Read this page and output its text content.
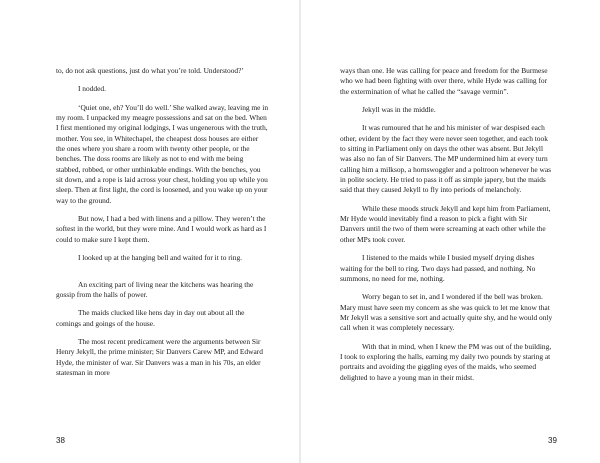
to, do not ask questions, just do what you’re told. Understood?’

I nodded.

‘Quiet one, eh? You’ll do well.’ She walked away, leaving me in my room. I unpacked my meagre possessions and sat on the bed. When I first mentioned my original lodgings, I was ungenerous with the truth, mother. You see, in Whitechapel, the cheapest doss houses are either the ones where you share a room with twenty other people, or the benches. The doss rooms are likely as not to end with me being stabbed, robbed, or other unthinkable endings. With the benches, you sit down, and a rope is laid across your chest, holding you up while you sleep. Then at first light, the cord is loosened, and you wake up on your way to the ground.

But now, I had a bed with linens and a pillow. They weren’t the softest in the world, but they were mine. And I would work as hard as I could to make sure I kept them.

I looked up at the hanging bell and waited for it to ring.

An exciting part of living near the kitchens was hearing the gossip from the halls of power.

The maids clucked like hens day in day out about all the comings and goings of the house.

The most recent predicament were the arguments between Sir Henry Jekyll, the prime minister; Sir Danvers Carew MP, and Edward Hyde, the minister of war. Sir Danvers was a man in his 70s, an elder statesman in more

38

ways than one. He was calling for peace and freedom for the Burmese who we had been fighting with over there, while Hyde was calling for the extermination of what he called the “savage vermin”.

Jekyll was in the middle.

It was rumoured that he and his minister of war despised each other, evident by the fact they were never seen together, and each took to sitting in Parliament only on days the other was absent. But Jekyll was also no fan of Sir Danvers. The MP undermined him at every turn calling him a milksop, a hornswoggler and a poltroon whenever he was in polite society. He tried to pass it off as simple japery, but the maids said that they caused Jekyll to fly into periods of melancholy.

While these moods struck Jekyll and kept him from Parliament, Mr Hyde would inevitably find a reason to pick a fight with Sir Danvers until the two of them were screaming at each other while the other MPs took cover.

I listened to the maids while I busied myself drying dishes waiting for the bell to ring. Two days had passed, and nothing. No summons, no need for me, nothing.

Worry began to set in, and I wondered if the bell was broken. Mary must have seen my concern as she was quick to let me know that Mr Jekyll was a sensitive sort and actually quite shy, and he would only call when it was completely necessary.

With that in mind, when I knew the PM was out of the building, I took to exploring the halls, earning my daily two pounds by staring at portraits and avoiding the giggling eyes of the maids, who seemed delighted to have a young man in their midst.

39
